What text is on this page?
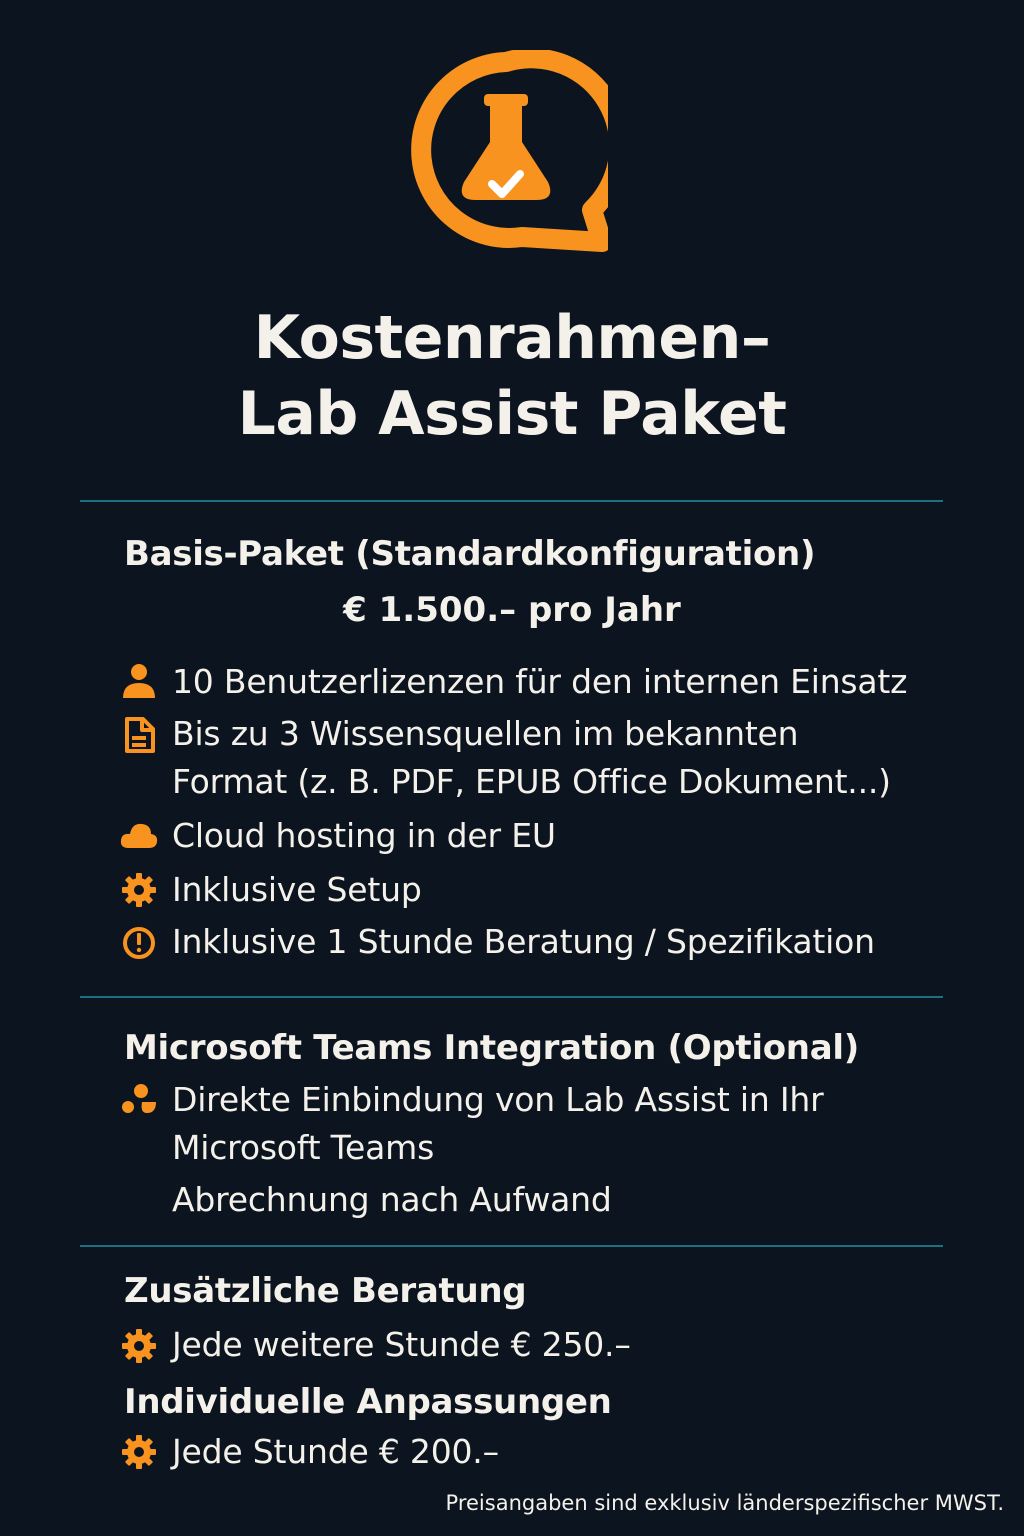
Kostenrahmen–
Lab Assist Paket
Basis-Paket (Standardkonfiguration)
€ 1.500.– pro Jahr
10 Benutzerlizenzen für den internen Einsatz
Bis zu 3 Wissensquellen im bekannten
Format (z. B. PDF, EPUB Office Dokument...)
Cloud hosting in der EU
Inklusive Setup
Inklusive 1 Stunde Beratung / Spezifikation
Microsoft Teams Integration (Optional)
Direkte Einbindung von Lab Assist in Ihr
Microsoft Teams
Abrechnung nach Aufwand
Zusätzliche Beratung
Jede weitere Stunde € 250.–
Individuelle Anpassungen
Jede Stunde € 200.–
Preisangaben sind exklusiv länderspezifischer MWST.
